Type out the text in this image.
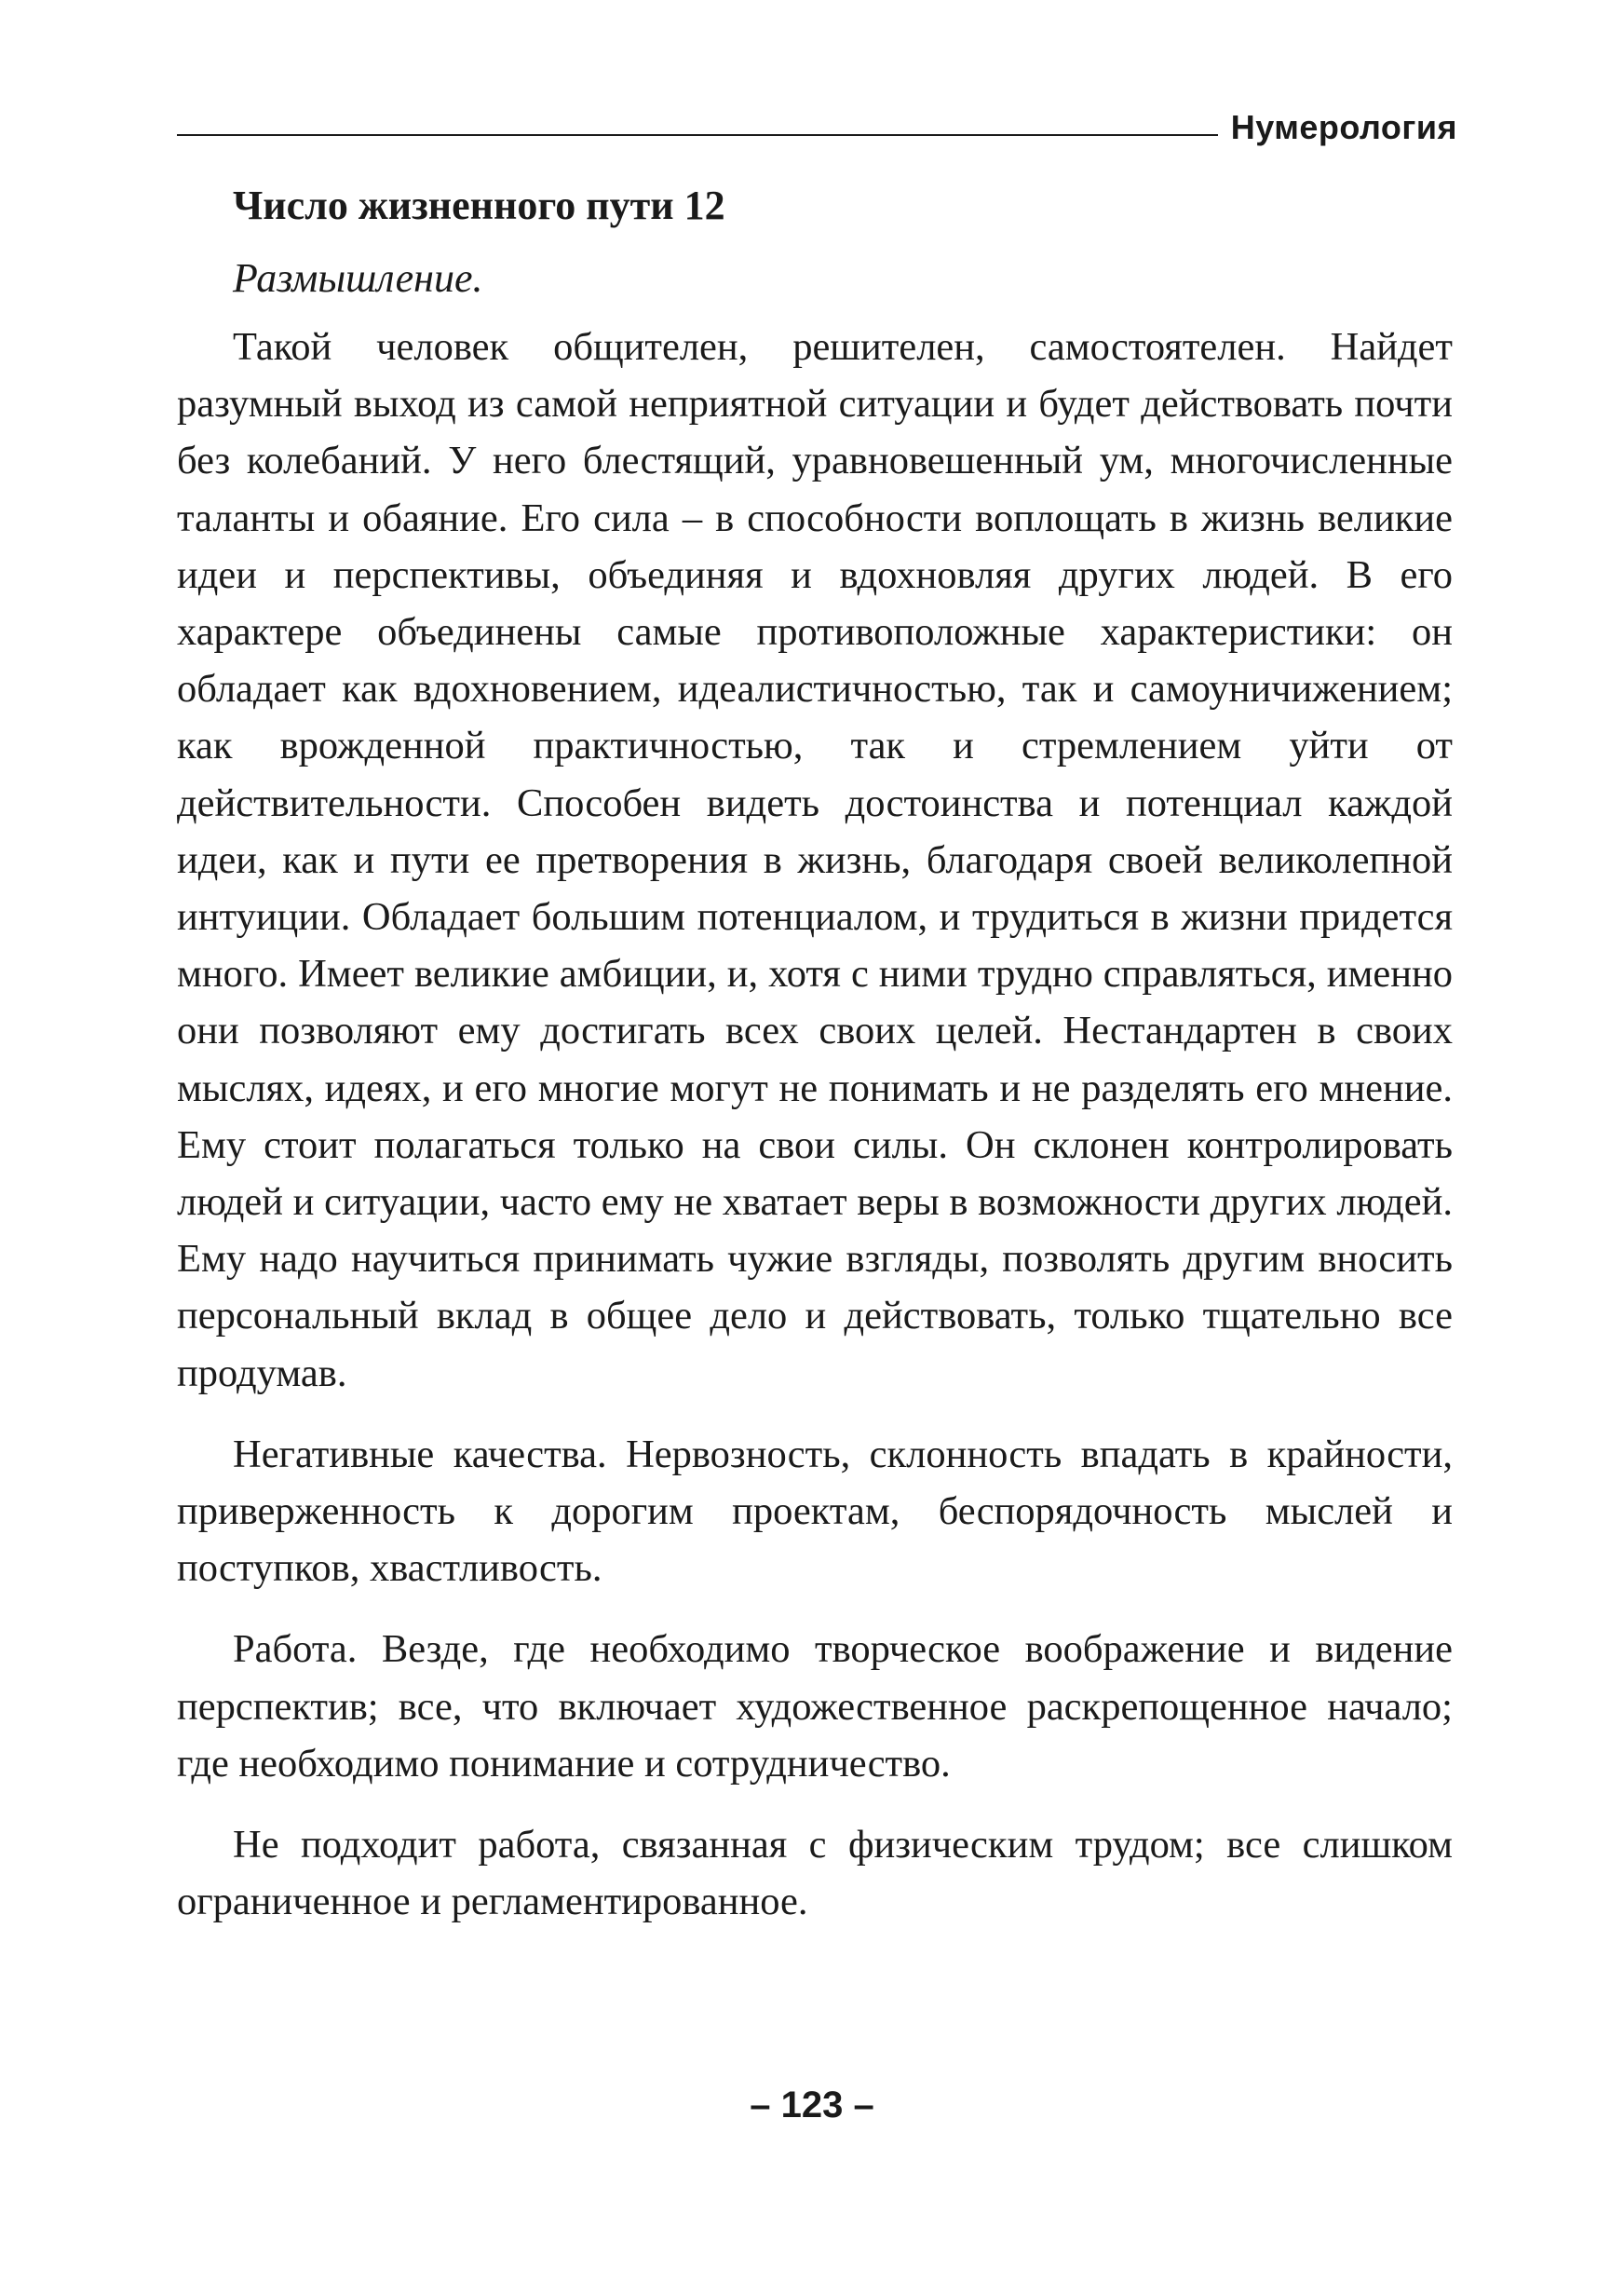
Нумерология
Число жизненного пути 12
Размышление.

Такой человек общителен, решителен, самостоятелен. Найдет разумный выход из самой неприятной ситуации и будет действовать почти без колебаний. У него блестящий, уравновешенный ум, многочисленные таланты и обаяние. Его сила – в способности воплощать в жизнь великие идеи и перспективы, объединяя и вдохновляя других людей. В его характере объединены самые противоположные характеристики: он обладает как вдохновением, идеалистичностью, так и самоуничижением; как врожденной практичностью, так и стремлением уйти от действительности. Способен видеть достоинства и потенциал каждой идеи, как и пути ее претворения в жизнь, благодаря своей великолепной интуиции. Обладает большим потенциалом, и трудиться в жизни придется много. Имеет великие амбиции, и, хотя с ними трудно справляться, именно они позволяют ему достигать всех своих целей. Нестандартен в своих мыслях, идеях, и его многие могут не понимать и не разделять его мнение. Ему стоит полагаться только на свои силы. Он склонен контролировать людей и ситуации, часто ему не хватает веры в возможности других людей. Ему надо научиться принимать чужие взгляды, позволять другим вносить персональный вклад в общее дело и действовать, только тщательно все продумав.

Негативные качества. Нервозность, склонность впадать в крайности, приверженность к дорогим проектам, беспорядочность мыслей и поступков, хвастливость.

Работа. Везде, где необходимо творческое воображение и видение перспектив; все, что включает художественное раскрепощенное начало; где необходимо понимание и сотрудничество.

Не подходит работа, связанная с физическим трудом; все слишком ограниченное и регламентированное.

– 123 –
